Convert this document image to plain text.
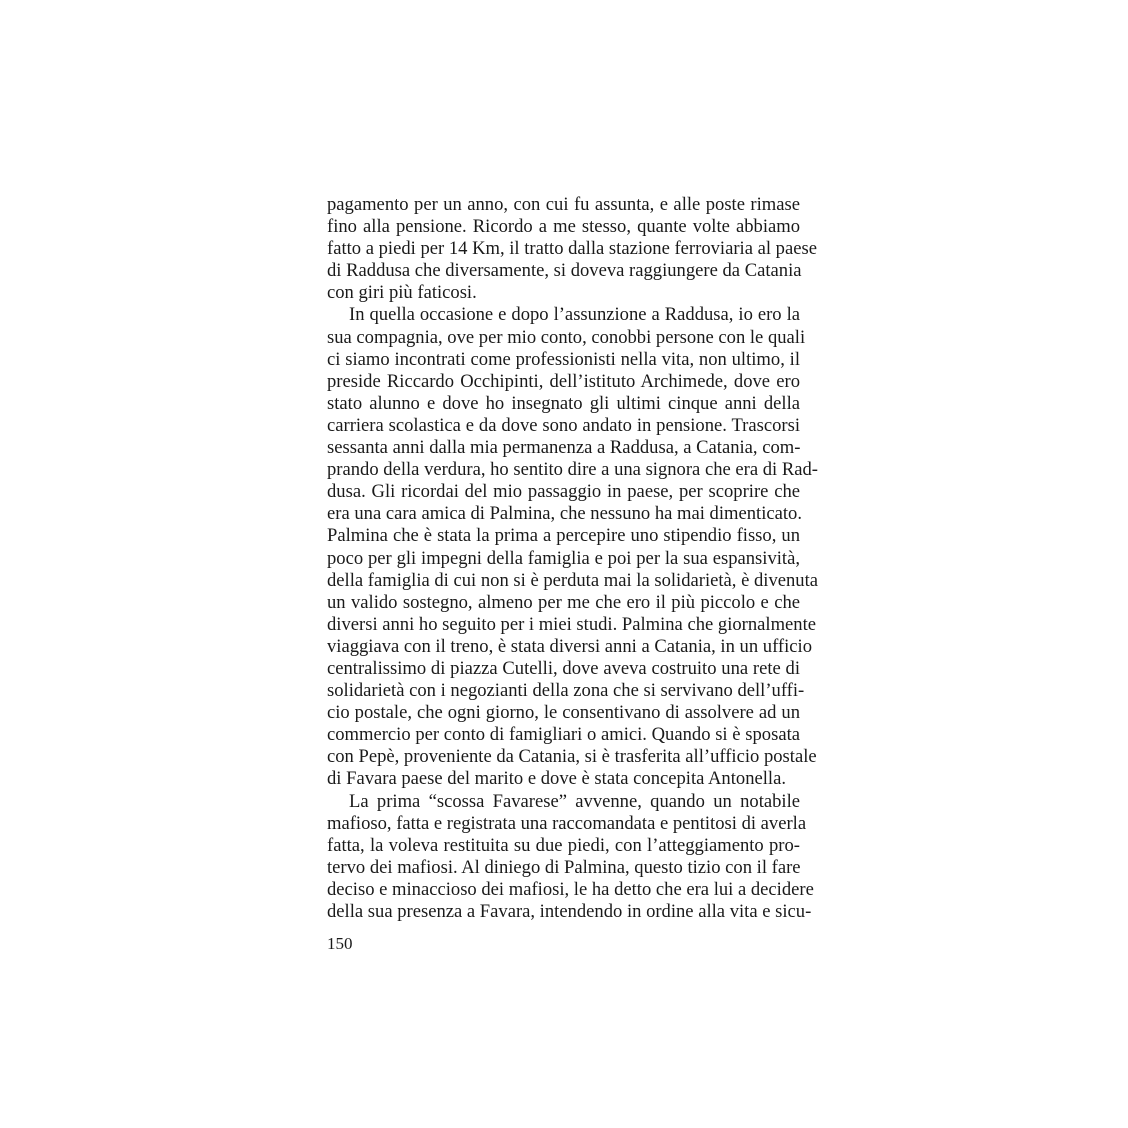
pagamento per un anno, con cui fu assunta, e alle poste rimase
fino alla pensione. Ricordo a me stesso, quante volte abbiamo
fatto a piedi per 14 Km, il tratto dalla stazione ferroviaria al paese
di Raddusa che diversamente, si doveva raggiungere da Catania
con giri più faticosi.
In quella occasione e dopo l’assunzione a Raddusa, io ero la
sua compagnia, ove per mio conto, conobbi persone con le quali
ci siamo incontrati come professionisti nella vita, non ultimo, il
preside Riccardo Occhipinti, dell’istituto Archimede, dove ero
stato alunno e dove ho insegnato gli ultimi cinque anni della
carriera scolastica e da dove sono andato in pensione. Trascorsi
sessanta anni dalla mia permanenza a Raddusa, a Catania, com-
prando della verdura, ho sentito dire a una signora che era di Rad-
dusa. Gli ricordai del mio passaggio in paese, per scoprire che
era una cara amica di Palmina, che nessuno ha mai dimenticato.
Palmina che è stata la prima a percepire uno stipendio fisso, un
poco per gli impegni della famiglia e poi per la sua espansività,
della famiglia di cui non si è perduta mai la solidarietà, è divenuta
un valido sostegno, almeno per me che ero il più piccolo e che
diversi anni ho seguito per i miei studi. Palmina che giornalmente
viaggiava con il treno, è stata diversi anni a Catania, in un ufficio
centralissimo di piazza Cutelli, dove aveva costruito una rete di
solidarietà con i negozianti della zona che si servivano dell’uffi-
cio postale, che ogni giorno, le consentivano di assolvere ad un
commercio per conto di famigliari o amici. Quando si è sposata
con Pepè, proveniente da Catania, si è trasferita all’ufficio postale
di Favara paese del marito e dove è stata concepita Antonella.
La prima “scossa Favarese” avvenne, quando un notabile
mafioso, fatta e registrata una raccomandata e pentitosi di averla
fatta, la voleva restituita su due piedi, con l’atteggiamento pro-
tervo dei mafiosi. Al diniego di Palmina, questo tizio con il fare
deciso e minaccioso dei mafiosi, le ha detto che era lui a decidere
della sua presenza a Favara, intendendo in ordine alla vita e sicu-
150
